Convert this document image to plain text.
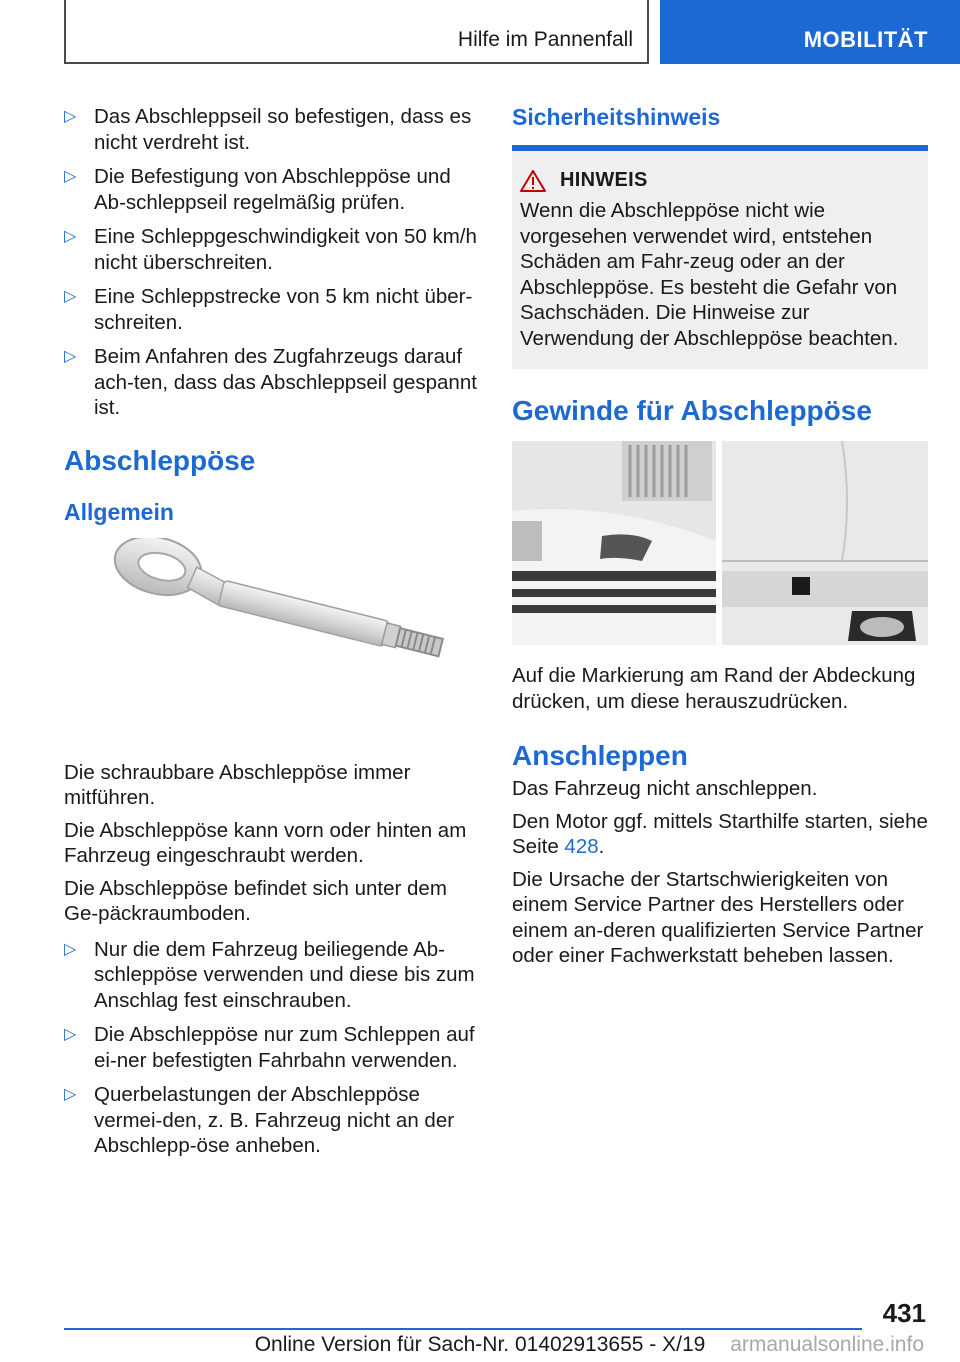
Hilfe im Pannenfall	MOBILITÄT
▷ Das Abschleppseil so befestigen, dass es nicht verdreht ist.
▷ Die Befestigung von Abschleppöse und Ab‐schleppseil regelmäßig prüfen.
▷ Eine Schleppgeschwindigkeit von 50 km/h nicht überschreiten.
▷ Eine Schleppstrecke von 5 km nicht über‐schreiten.
▷ Beim Anfahren des Zugfahrzeugs darauf ach‐ten, dass das Abschleppseil gespannt ist.
Abschleppöse
Allgemein

Die schraubbare Abschleppöse immer mitführen.

Die Abschleppöse kann vorn oder hinten am Fahrzeug eingeschraubt werden.

Die Abschleppöse befindet sich unter dem Ge‐päckraumboden.

▷ Nur die dem Fahrzeug beiliegende Ab‐schleppöse verwenden und diese bis zum Anschlag fest einschrauben.
▷ Die Abschleppöse nur zum Schleppen auf ei‐ner befestigten Fahrbahn verwenden.
▷ Querbelastungen der Abschleppöse vermei‐den, z. B. Fahrzeug nicht an der Abschlepp‐öse anheben.
Sicherheitshinweis
HINWEIS

Wenn die Abschleppöse nicht wie vorgesehen verwendet wird, entstehen Schäden am Fahr‐zeug oder an der Abschleppöse. Es besteht die Gefahr von Sachschäden. Die Hinweise zur Verwendung der Abschleppöse beachten.

Gewinde für Abschleppöse

Auf die Markierung am Rand der Abdeckung drücken, um diese herauszudrücken.

Anschleppen

Das Fahrzeug nicht anschleppen.

Den Motor ggf. mittels Starthilfe starten, siehe Seite 428.

Die Ursache der Startschwierigkeiten von einem Service Partner des Herstellers oder einem an‐deren qualifizierten Service Partner oder einer Fachwerkstatt beheben lassen.

431
Online Version für Sach-Nr. 01402913655 - X/19	armanualsonline.info
